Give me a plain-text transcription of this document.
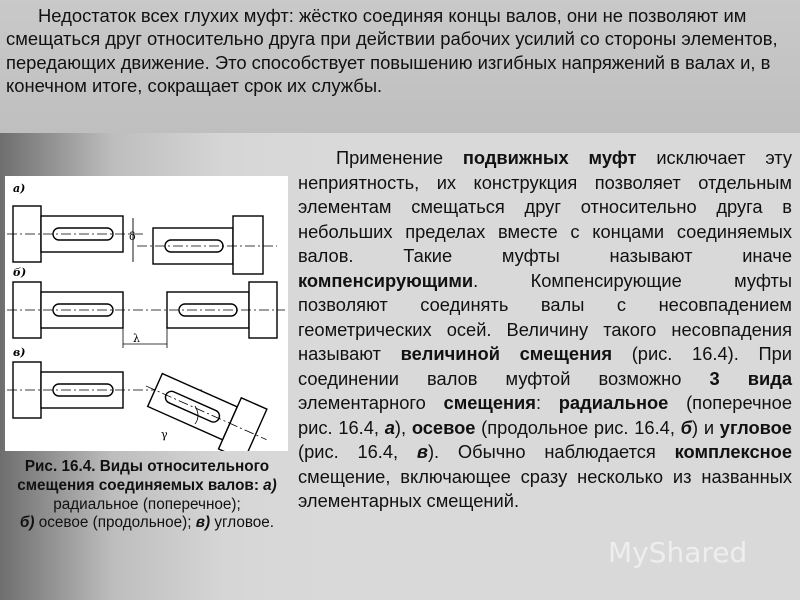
Недостаток всех глухих муфт: жёстко соединяя концы валов, они не позволяют им смещаться друг относительно друга при действии рабочих усилий со стороны элементов, передающих движение. Это способствует повышению изгибных напряжений в валах и, в конечном итоге, сокращает срок их службы.

Применение подвижных муфт исключает эту неприятность, их конструкция позволяет отдельным элементам смещаться друг относительно друга в небольших пределах вместе с концами соединяемых валов. Такие муфты называют иначе компенсирующими. Компенсирующие муфты позволяют соединять валы с несовпадением геометрических осей. Величину такого несовпадения называют величиной смещения (рис. 16.4). При соединении валов муфтой возможно 3 вида элементарного смещения: радиальное (поперечное рис. 16.4, а), осевое (продольное рис. 16.4, б) и угловое (рис. 16.4, в). Обычно наблюдается комплексное смещение, включающее сразу несколько из названных элементарных смещений.

а)
δ
б)
λ
в)
γ

Рис. 16.4. Виды относительного смещения соединяемых валов: а) радиальное (поперечное);
б) осевое (продольное); в) угловое.

MyShared
